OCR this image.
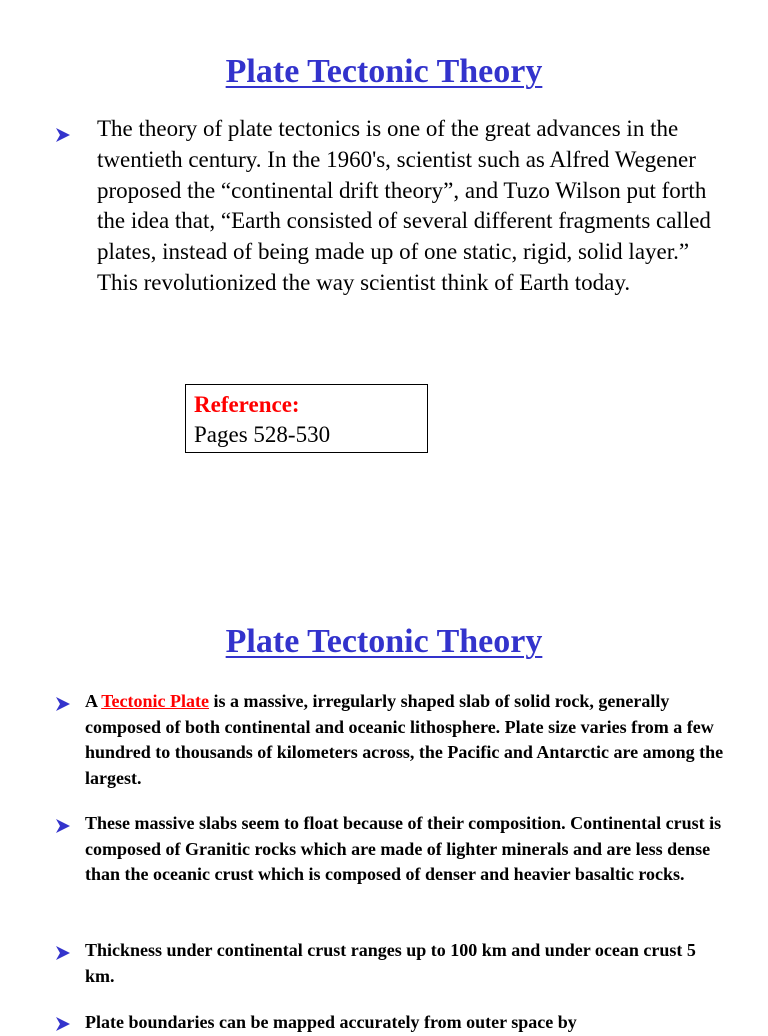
Plate Tectonic Theory

The theory of plate tectonics is one of the great advances in the twentieth century. In the 1960's, scientist such as Alfred Wegener proposed the “continental drift theory”, and Tuzo Wilson put forth the idea that, “Earth consisted of several different fragments called plates, instead of being made up of one static, rigid, solid layer.” This revolutionized the way scientist think of Earth today.

Reference:
Pages 528-530
Plate Tectonic Theory

A Tectonic Plate is a massive, irregularly shaped slab of solid rock, generally composed of both continental and oceanic lithosphere. Plate size varies from a few hundred to thousands of kilometers across, the Pacific and Antarctic are among the largest.

These massive slabs seem to float because of their composition. Continental crust is composed of Granitic rocks which are made of lighter minerals and are less dense than the oceanic crust which is composed of denser and heavier basaltic rocks.

Thickness under continental crust ranges up to 100 km and under ocean crust 5 km.

Plate boundaries can be mapped accurately from outer space by
